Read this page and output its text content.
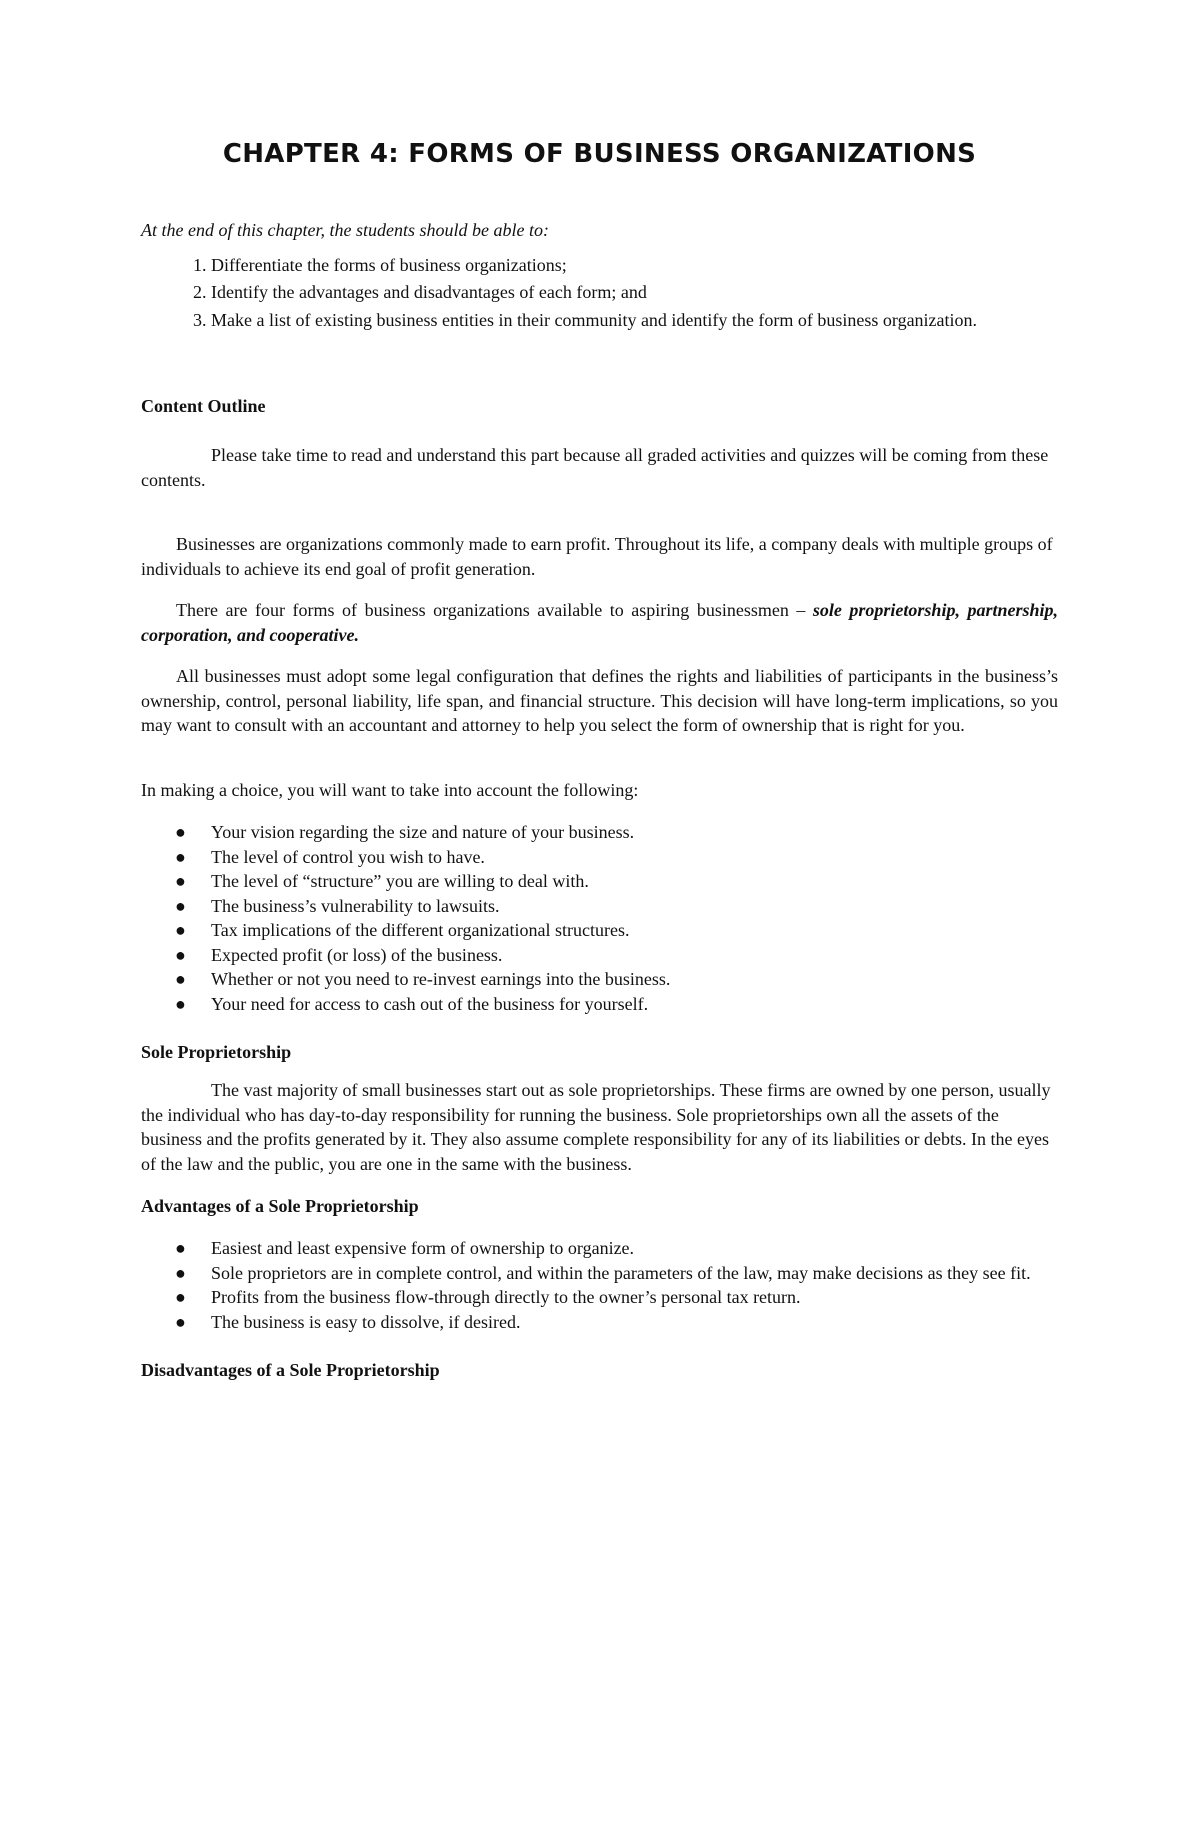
CHAPTER 4: FORMS OF BUSINESS ORGANIZATIONS

At the end of this chapter, the students should be able to:

1. Differentiate the forms of business organizations;
2. Identify the advantages and disadvantages of each form; and
3. Make a list of existing business entities in their community and identify the form of business organization.
Content Outline

Please take time to read and understand this part because all graded activities and quizzes will be coming from these contents.

Businesses are organizations commonly made to earn profit. Throughout its life, a company deals with multiple groups of individuals to achieve its end goal of profit generation.

There are four forms of business organizations available to aspiring businessmen – sole proprietorship, partnership, corporation, and cooperative.

All businesses must adopt some legal configuration that defines the rights and liabilities of participants in the business’s ownership, control, personal liability, life span, and financial structure. This decision will have long-term implications, so you may want to consult with an accountant and attorney to help you select the form of ownership that is right for you.

In making a choice, you will want to take into account the following:

● Your vision regarding the size and nature of your business.
● The level of control you wish to have.
● The level of “structure” you are willing to deal with.
● The business’s vulnerability to lawsuits.
● Tax implications of the different organizational structures.
● Expected profit (or loss) of the business.
● Whether or not you need to re-invest earnings into the business.
● Your need for access to cash out of the business for yourself.
Sole Proprietorship

The vast majority of small businesses start out as sole proprietorships. These firms are owned by one person, usually the individual who has day-to-day responsibility for running the business. Sole proprietorships own all the assets of the business and the profits generated by it. They also assume complete responsibility for any of its liabilities or debts. In the eyes of the law and the public, you are one in the same with the business.

Advantages of a Sole Proprietorship
● Easiest and least expensive form of ownership to organize.
● Sole proprietors are in complete control, and within the parameters of the law, may make decisions as they see fit.
● Profits from the business flow-through directly to the owner’s personal tax return.
● The business is easy to dissolve, if desired.
Disadvantages of a Sole Proprietorship
